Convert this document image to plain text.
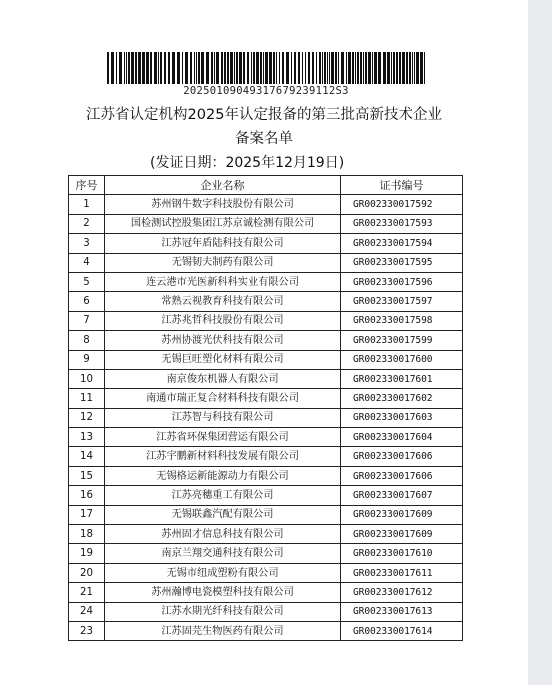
20250109049317679239112S3
江苏省认定机构2025年认定报备的第三批高新技术企业
备案名单
(发证日期：2025年12月19日)
序号	企业名称	证书编号
1	苏州钢牛数字科技股份有限公司	GR002330017592
2	国检测试控股集团江苏京诚检测有限公司	GR002330017593
3	江苏冠年盾陆科技有限公司	GR002330017594
4	无锡韧夫制药有限公司	GR002330017595
5	连云港市光医新科科实业有限公司	GR002330017596
6	常熟云视教育科技有限公司	GR002330017597
7	江苏兆哲科技股份有限公司	GR002330017598
8	苏州协渡光伏科技有限公司	GR002330017599
9	无锡巨旺塑化材料有限公司	GR002330017600
10	南京俊东机器人有限公司	GR002330017601
11	南通市瑞正复合材料科技有限公司	GR002330017602
12	江苏智与科技有限公司	GR002330017603
13	江苏省环保集团营运有限公司	GR002330017604
14	江苏宇鹏新材料科技发展有限公司	GR002330017606
15	无锡格运新能源动力有限公司	GR002330017606
16	江苏亮穗重工有限公司	GR002330017607
17	无锡联鑫汽配有限公司	GR002330017609
18	苏州固才信息科技有限公司	GR002330017609
19	南京兰翔交通科技有限公司	GR002330017610
20	无锡市纽成塑粉有限公司	GR002330017611
21	苏州瀚博电瓷模塑科技有限公司	GR002330017612
24	江苏水期光纤科技有限公司	GR002330017613
23	江苏固芫生物医药有限公司	GR002330017614
